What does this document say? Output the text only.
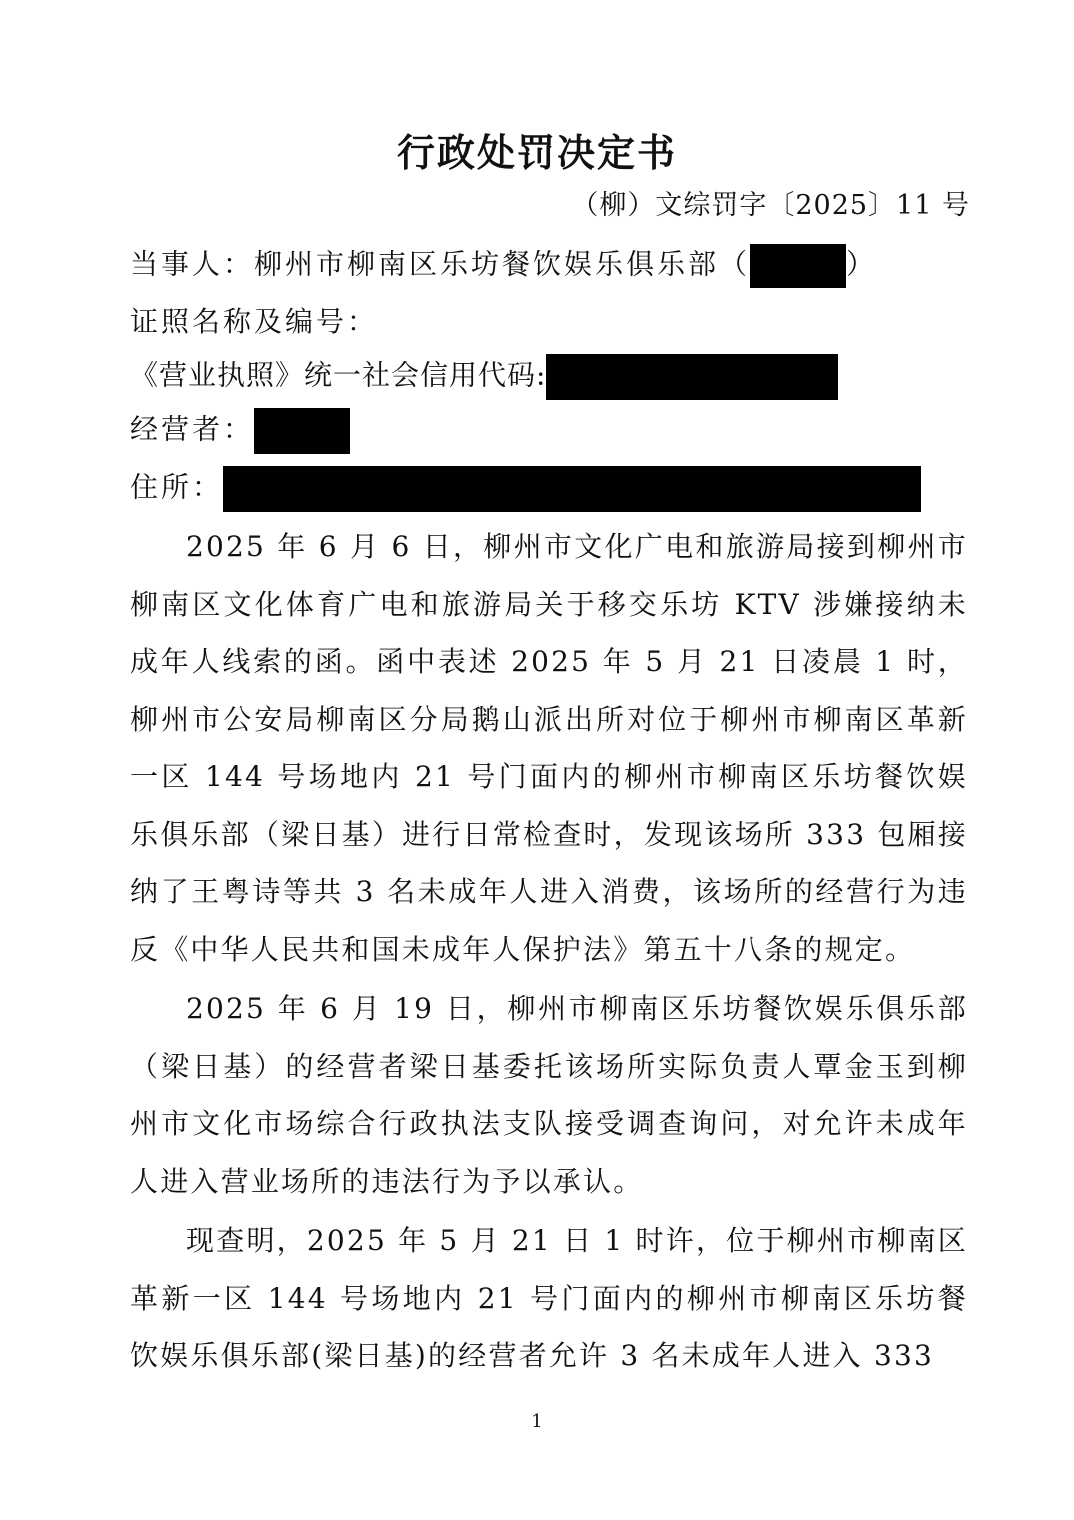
行政处罚决定书
（柳）文综罚字〔2025〕11 号
当事人：柳州市柳南区乐坊餐饮娱乐俱乐部（	）
证照名称及编号：
《营业执照》统一社会信用代码:
经营者：
住所：

2025 年 6 月 6 日，柳州市文化广电和旅游局接到柳州市柳南区文化体育广电和旅游局关于移交乐坊 KTV 涉嫌接纳未成年人线索的函。函中表述 2025 年 5 月 21 日凌晨 1 时，柳州市公安局柳南区分局鹅山派出所对位于柳州市柳南区革新一区 144 号场地内 21 号门面内的柳州市柳南区乐坊餐饮娱乐俱乐部（梁日基）进行日常检查时，发现该场所 333 包厢接纳了王粤诗等共 3 名未成年人进入消费，该场所的经营行为违反《中华人民共和国未成年人保护法》第五十八条的规定。

2025 年 6 月 19 日，柳州市柳南区乐坊餐饮娱乐俱乐部（梁日基）的经营者梁日基委托该场所实际负责人覃金玉到柳州市文化市场综合行政执法支队接受调查询问，对允许未成年人进入营业场所的违法行为予以承认。

现查明，2025 年 5 月 21 日 1 时许，位于柳州市柳南区革新一区 144 号场地内 21 号门面内的柳州市柳南区乐坊餐饮娱乐俱乐部(梁日基)的经营者允许 3 名未成年人进入 333

1
